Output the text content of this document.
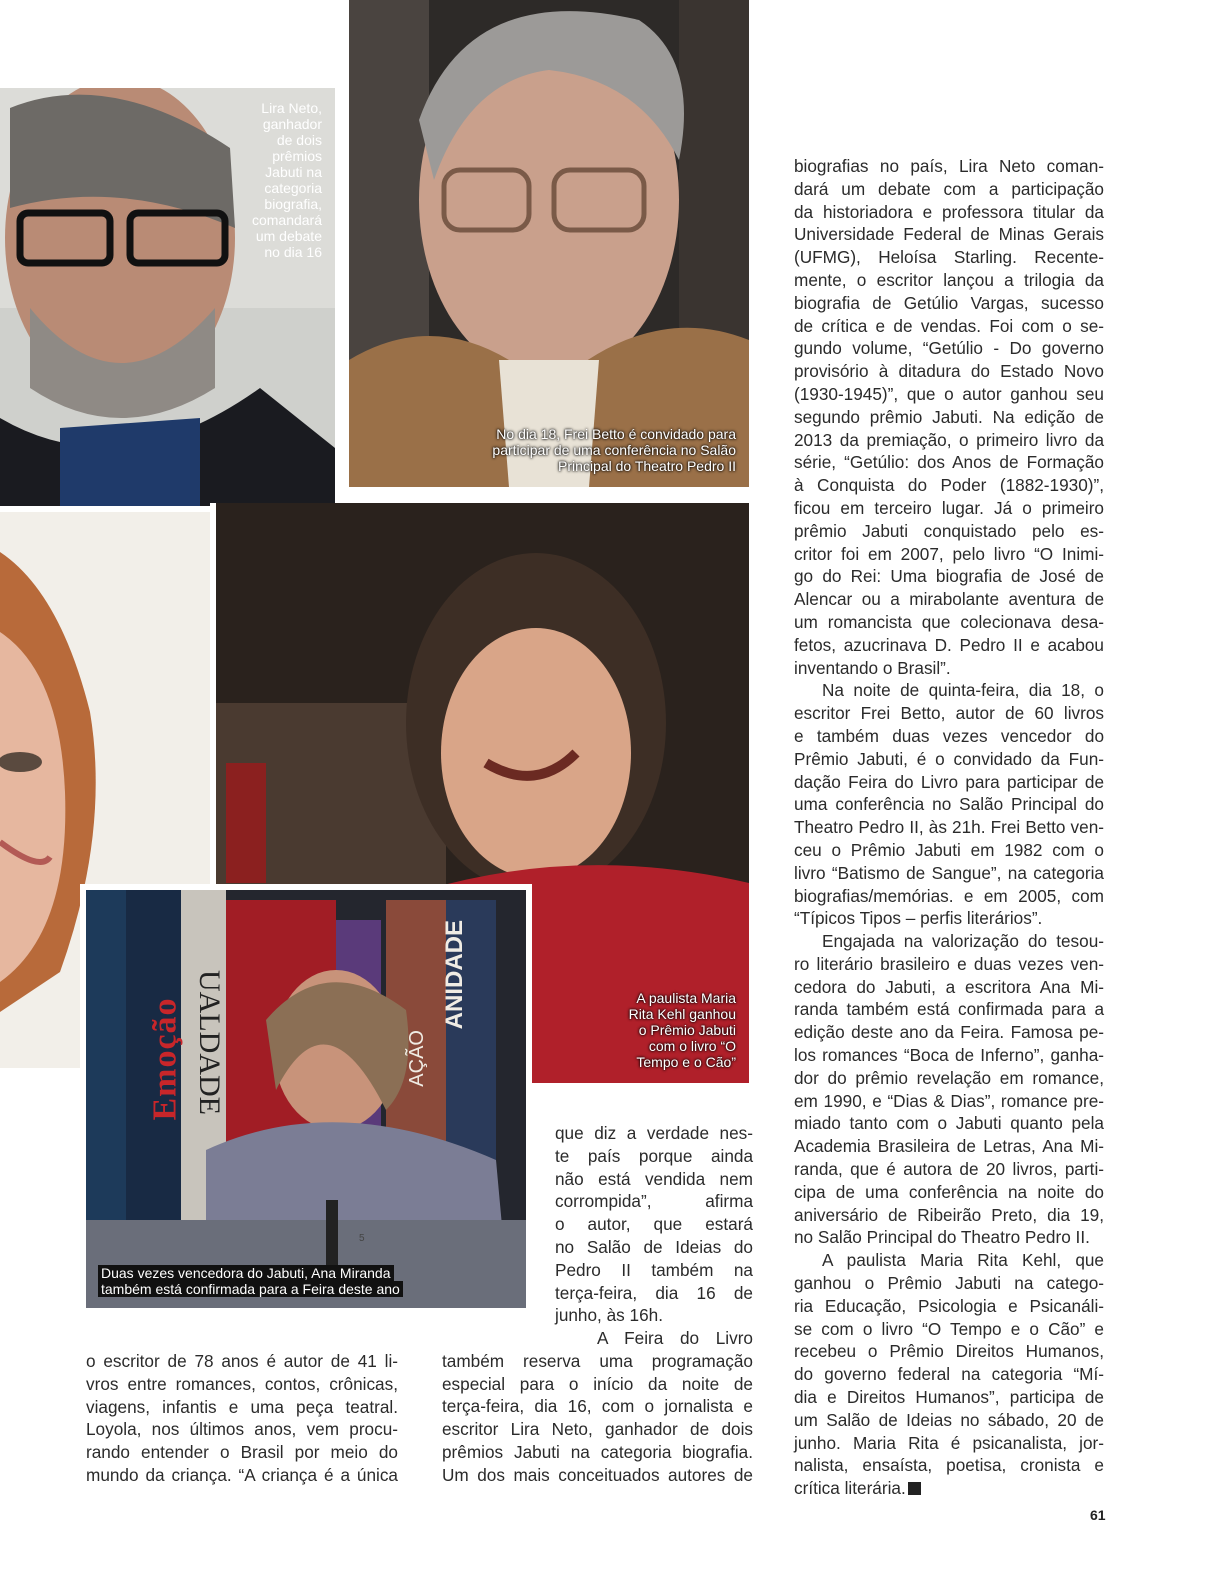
Lira Neto,
ganhador
de dois
prêmios
Jabuti na
categoria
biografia,
comandará
um debate
no dia 16
No dia 18, Frei Betto é convidado para
participar de uma conferência no Salão
Principal do Theatro Pedro II
A paulista Maria
Rita Kehl ganhou
o Prêmio Jabuti
com o livro “O
Tempo e o Cão”
Emoção UALDADE	ANIDADE
AÇÃO
5
Duas vezes vencedora do Jabuti, Ana Miranda
também está confirmada para a Feira deste ano

o escritor de 78 anos é autor de 41 li-

vros entre romances, contos, crônicas,

viagens, infantis e uma peça teatral.

Loyola, nos últimos anos, vem procu-

rando entender o Brasil por meio do

mundo da criança. “A criança é a única

que diz a verdade nes-

te país porque ainda

não está vendida nem

corrompida”, afirma

o autor, que estará

no Salão de Ideias do

Pedro II também na

terça-feira, dia 16 de

junho, às 16h.

A Feira do Livro

também reserva uma programação

especial para o início da noite de

terça-feira, dia 16, com o jornalista e

escritor Lira Neto, ganhador de dois

prêmios Jabuti na categoria biografia.

Um dos mais conceituados autores de

biografias no país, Lira Neto coman-

dará um debate com a participação

da historiadora e professora titular da

Universidade Federal de Minas Gerais

(UFMG), Heloísa Starling. Recente-

mente, o escritor lançou a trilogia da

biografia de Getúlio Vargas, sucesso

de crítica e de vendas. Foi com o se-

gundo volume, “Getúlio - Do governo

provisório à ditadura do Estado Novo

(1930-1945)”, que o autor ganhou seu

segundo prêmio Jabuti. Na edição de

2013 da premiação, o primeiro livro da

série, “Getúlio: dos Anos de Formação

à Conquista do Poder (1882-1930)”,

ficou em terceiro lugar. Já o primeiro

prêmio Jabuti conquistado pelo es-

critor foi em 2007, pelo livro “O Inimi-

go do Rei: Uma biografia de José de

Alencar ou a mirabolante aventura de

um romancista que colecionava desa-

fetos, azucrinava D. Pedro II e acabou

inventando o Brasil”.

Na noite de quinta-feira, dia 18, o

escritor Frei Betto, autor de 60 livros

e também duas vezes vencedor do

Prêmio Jabuti, é o convidado da Fun-

dação Feira do Livro para participar de

uma conferência no Salão Principal do

Theatro Pedro II, às 21h. Frei Betto ven-

ceu o Prêmio Jabuti em 1982 com o

livro “Batismo de Sangue”, na categoria

biografias/memórias. e em 2005, com

“Típicos Tipos – perfis literários”.

Engajada na valorização do tesou-

ro literário brasileiro e duas vezes ven-

cedora do Jabuti, a escritora Ana Mi-

randa também está confirmada para a

edição deste ano da Feira. Famosa pe-

los romances “Boca de Inferno”, ganha-

dor do prêmio revelação em romance,

em 1990, e “Dias & Dias”, romance pre-

miado tanto com o Jabuti quanto pela

Academia Brasileira de Letras, Ana Mi-

randa, que é autora de 20 livros, parti-

cipa de uma conferência na noite do

aniversário de Ribeirão Preto, dia 19,

no Salão Principal do Theatro Pedro II.

A paulista Maria Rita Kehl, que

ganhou o Prêmio Jabuti na catego-

ria Educação, Psicologia e Psicanáli-

se com o livro “O Tempo e o Cão” e

recebeu o Prêmio Direitos Humanos,

do governo federal na categoria “Mí-

dia e Direitos Humanos”, participa de

um Salão de Ideias no sábado, 20 de

junho. Maria Rita é psicanalista, jor-

nalista, ensaísta, poetisa, cronista e

crítica literária.

61
